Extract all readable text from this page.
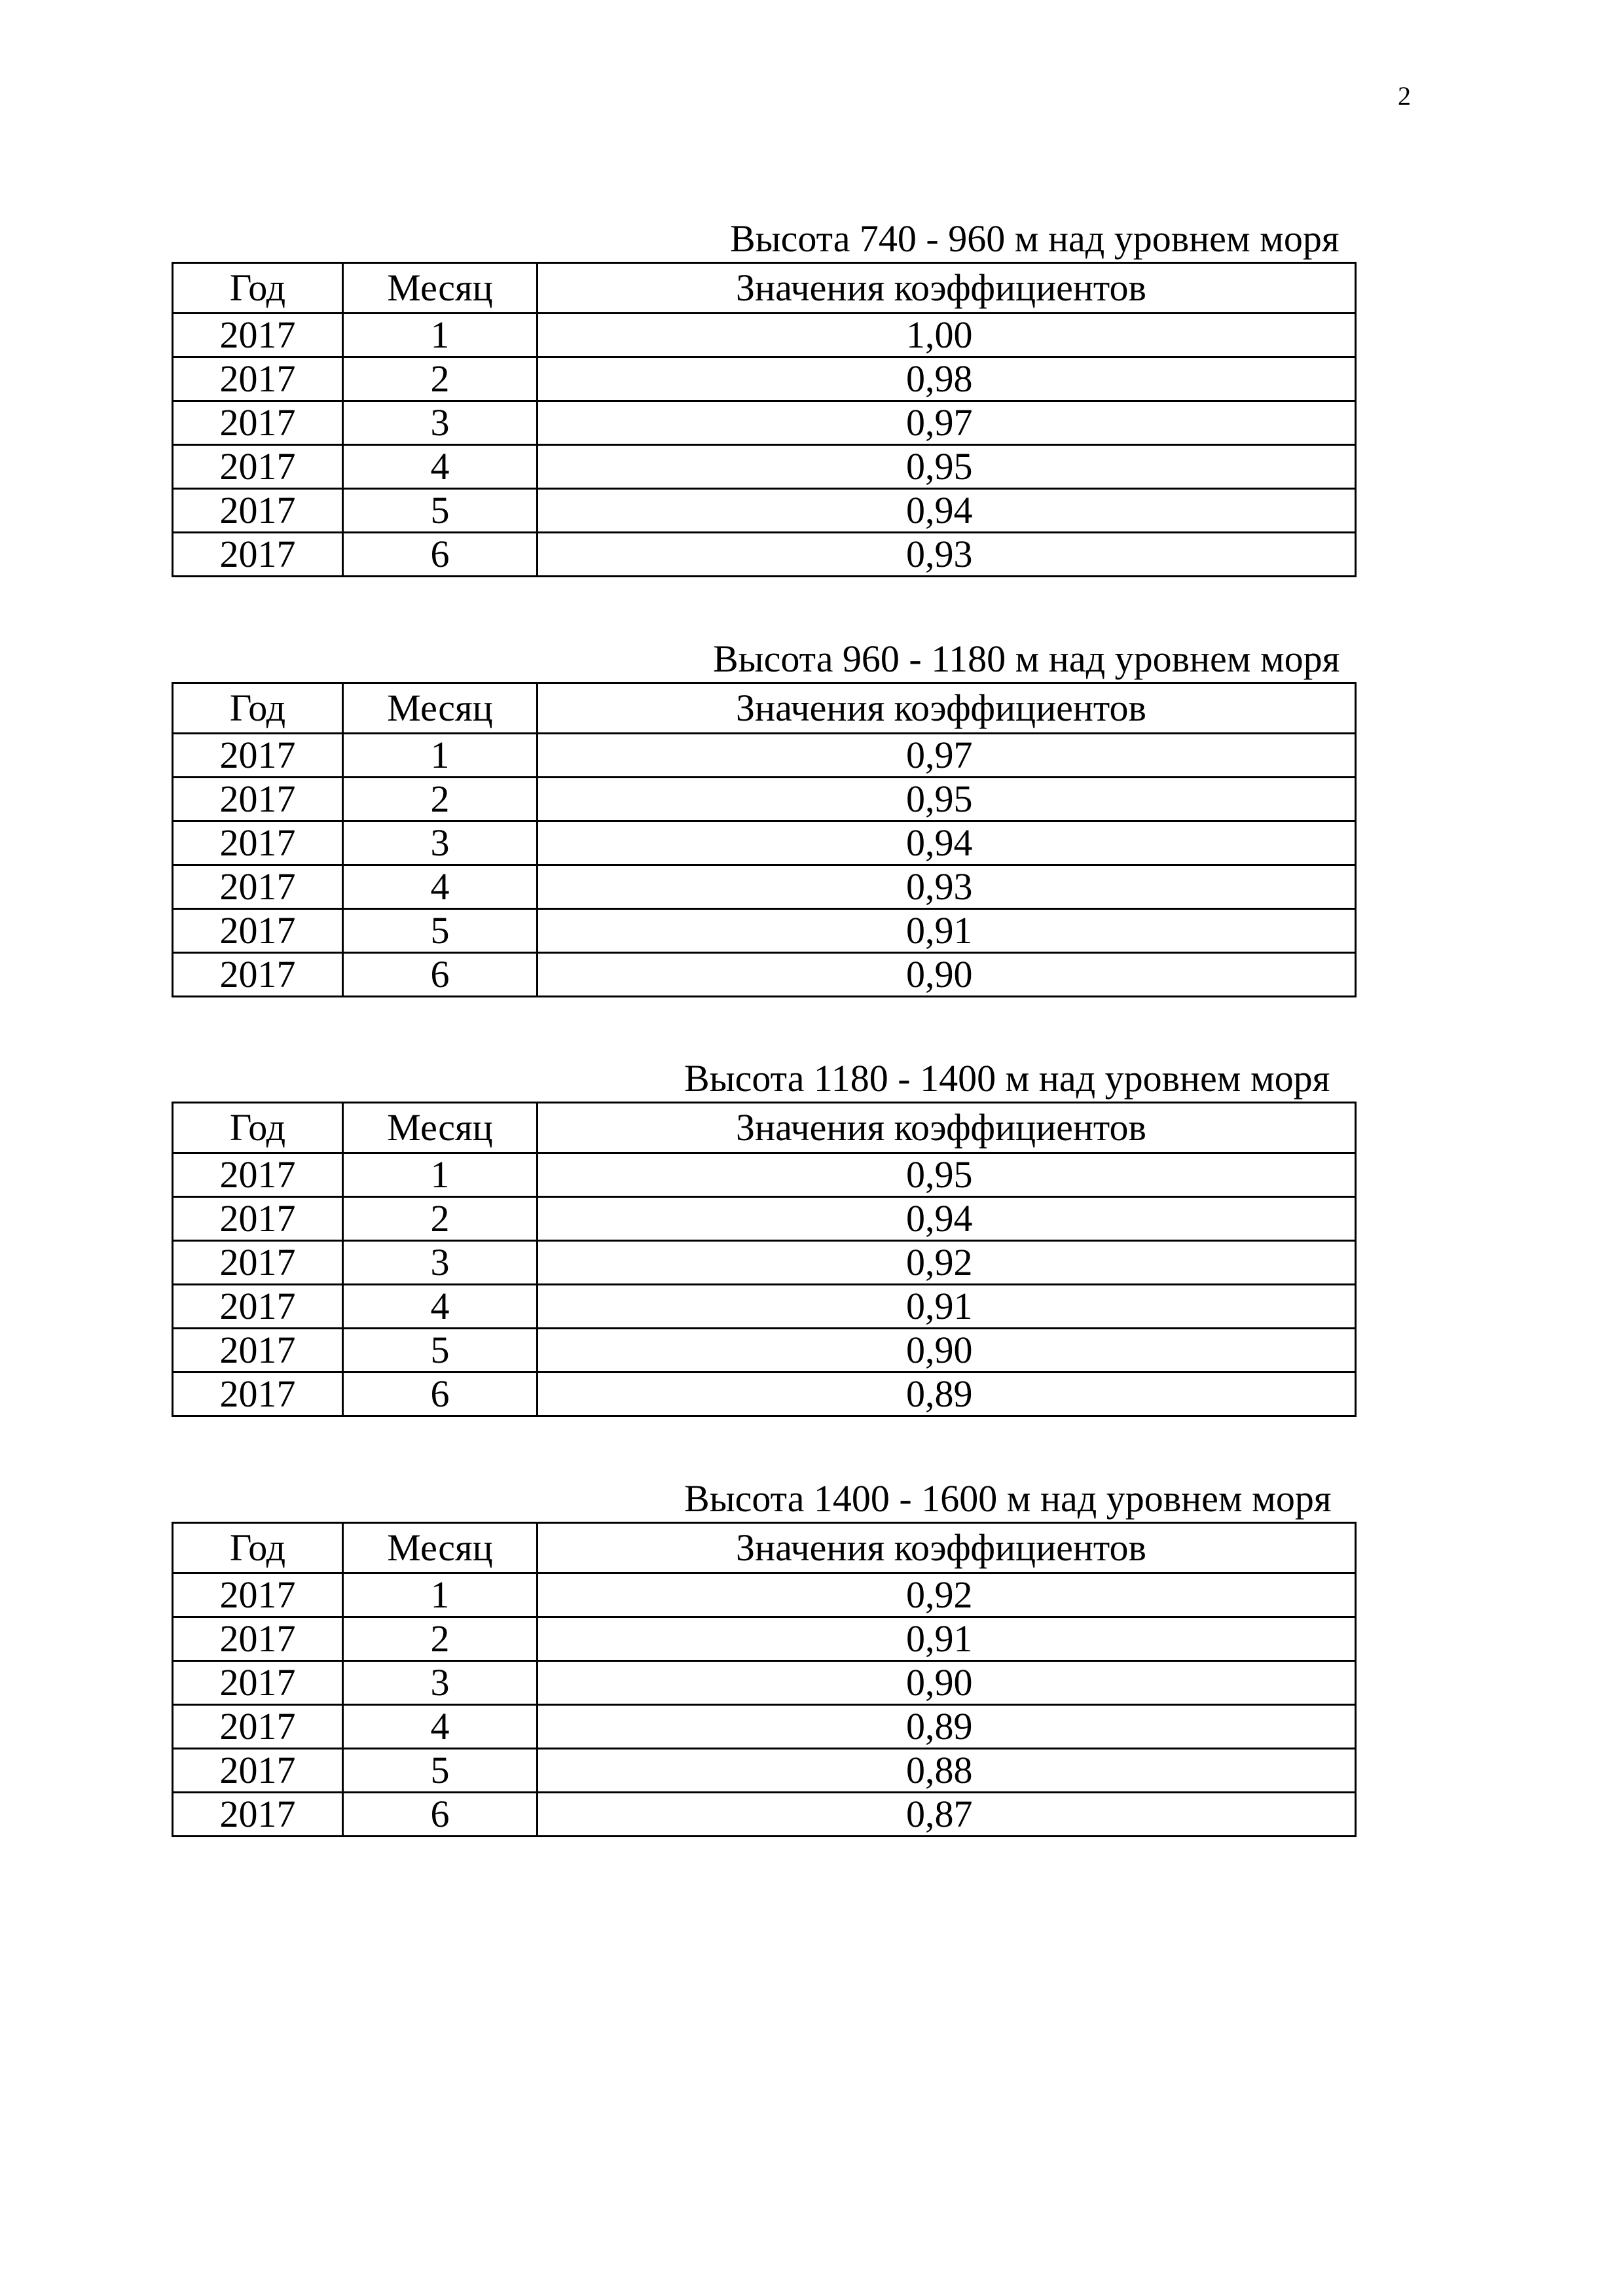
2
Высота 740 - 960 м над уровнем моря
Год	Месяц	Значения коэффициентов
2017	1	1,00
2017	2	0,98
2017	3	0,97
2017	4	0,95
2017	5	0,94
2017	6	0,93
Высота 960 - 1180 м над уровнем моря
Год	Месяц	Значения коэффициентов
2017	1	0,97
2017	2	0,95
2017	3	0,94
2017	4	0,93
2017	5	0,91
2017	6	0,90
Высота 1180 - 1400 м над уровнем моря
Год	Месяц	Значения коэффициентов
2017	1	0,95
2017	2	0,94
2017	3	0,92
2017	4	0,91
2017	5	0,90
2017	6	0,89
Высота 1400 - 1600 м над уровнем моря
Год	Месяц	Значения коэффициентов
2017	1	0,92
2017	2	0,91
2017	3	0,90
2017	4	0,89
2017	5	0,88
2017	6	0,87
